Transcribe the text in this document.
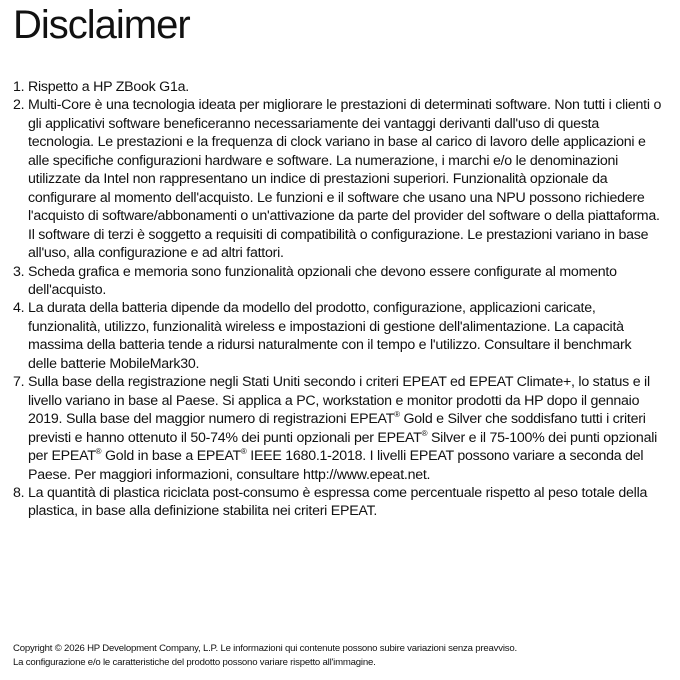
Disclaimer
1. Rispetto a HP ZBook G1a.
2. Multi-Core è una tecnologia ideata per migliorare le prestazioni di determinati software. Non tutti i clienti o gli applicativi software beneficeranno necessariamente dei vantaggi derivanti dall'uso di questa tecnologia. Le prestazioni e la frequenza di clock variano in base al carico di lavoro delle applicazioni e alle specifiche configurazioni hardware e software. La numerazione, i marchi e/o le denominazioni utilizzate da Intel non rappresentano un indice di prestazioni superiori. Funzionalità opzionale da configurare al momento dell'acquisto. Le funzioni e il software che usano una NPU possono richiedere l'acquisto di software/abbonamenti o un'attivazione da parte del provider del software o della piattaforma. Il software di terzi è soggetto a requisiti di compatibilità o configurazione. Le prestazioni variano in base all'uso, alla configurazione e ad altri fattori.
3. Scheda grafica e memoria sono funzionalità opzionali che devono essere configurate al momento dell'acquisto.
4. La durata della batteria dipende da modello del prodotto, configurazione, applicazioni caricate, funzionalità, utilizzo, funzionalità wireless e impostazioni di gestione dell'alimentazione. La capacità massima della batteria tende a ridursi naturalmente con il tempo e l'utilizzo. Consultare il benchmark delle batterie MobileMark30.
7. Sulla base della registrazione negli Stati Uniti secondo i criteri EPEAT ed EPEAT Climate+, lo status e il livello variano in base al Paese. Si applica a PC, workstation e monitor prodotti da HP dopo il gennaio 2019. Sulla base del maggior numero di registrazioni EPEAT® Gold e Silver che soddisfano tutti i criteri previsti e hanno ottenuto il 50-74% dei punti opzionali per EPEAT® Silver e il 75-100% dei punti opzionali per EPEAT® Gold in base a EPEAT® IEEE 1680.1-2018. I livelli EPEAT possono variare a seconda del Paese. Per maggiori informazioni, consultare http://www.epeat.net.
8. La quantità di plastica riciclata post-consumo è espressa come percentuale rispetto al peso totale della plastica, in base alla definizione stabilita nei criteri EPEAT.
Copyright © 2026 HP Development Company, L.P. Le informazioni qui contenute possono subire variazioni senza preavviso.
La configurazione e/o le caratteristiche del prodotto possono variare rispetto all'immagine.
